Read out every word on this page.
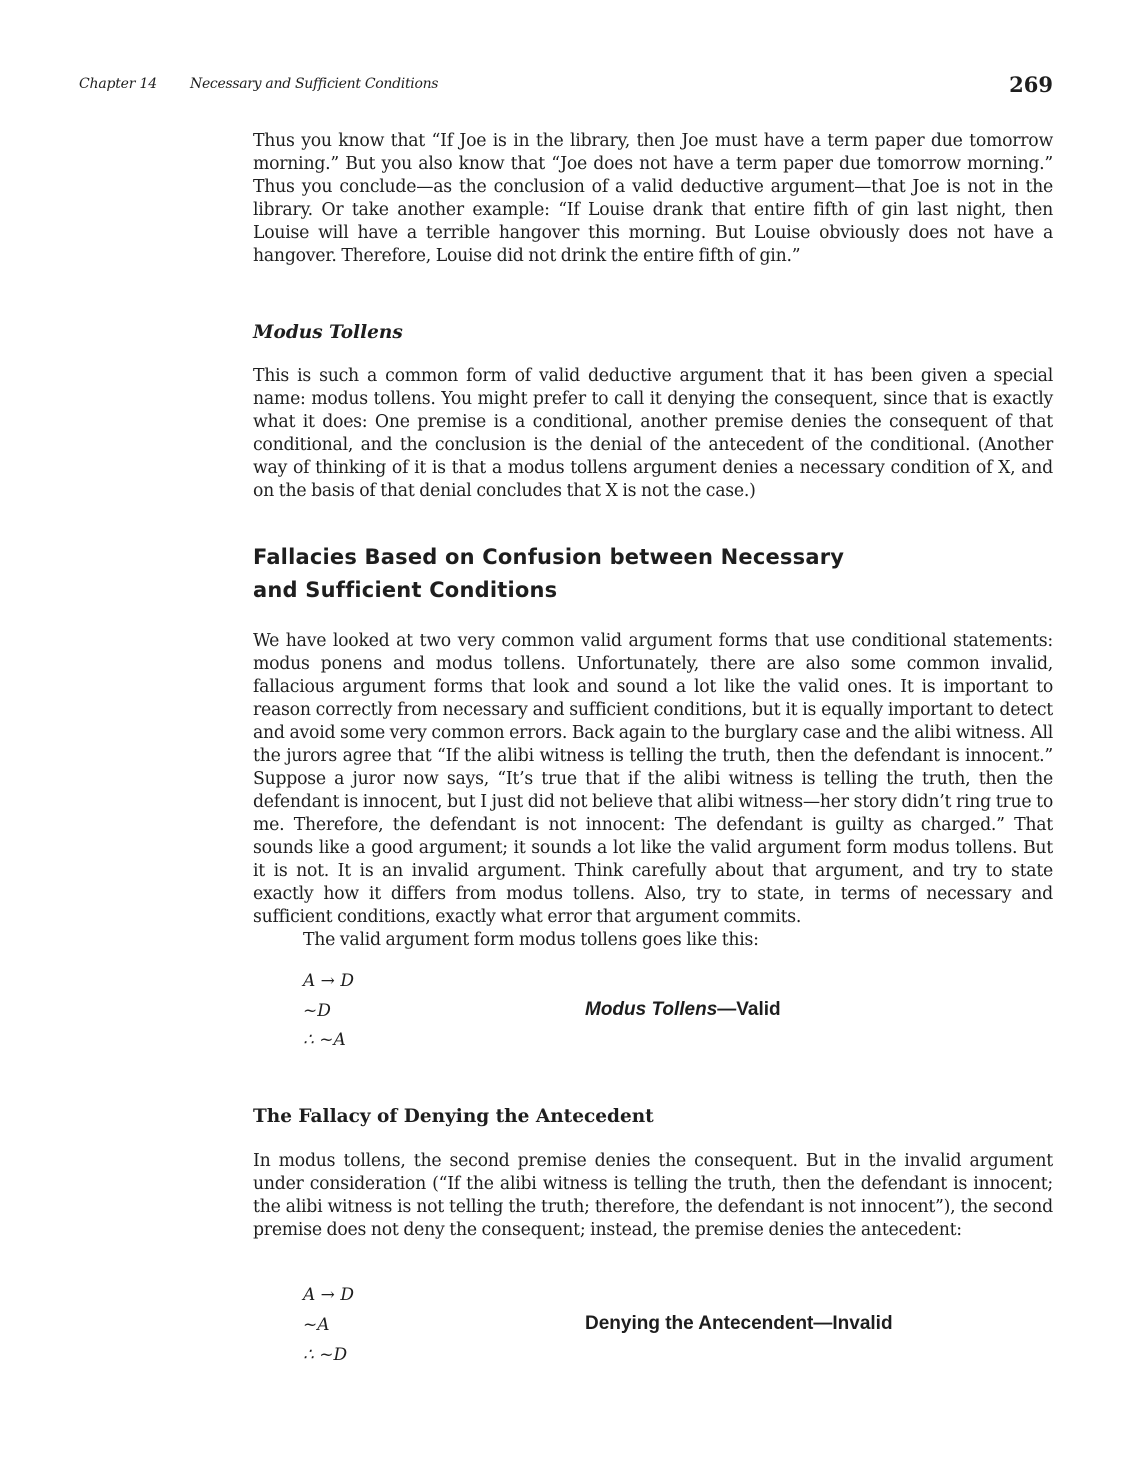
Chapter 14 Necessary and Sufficient Conditions	269

Thus you know that “If Joe is in the library, then Joe must have a term paper due tomorrow morning.” But you also know that “Joe does not have a term paper due tomorrow morning.” Thus you conclude—as the conclusion of a valid deductive argument—that Joe is not in the library. Or take another example: “If Louise drank that entire fifth of gin last night, then Louise will have a terrible hangover this morning. But Louise obviously does not have a hangover. Therefore, Louise did not drink the entire fifth of gin.”

Modus Tollens

This is such a common form of valid deductive argument that it has been given a special name: modus tollens. You might prefer to call it denying the consequent, since that is exactly what it does: One premise is a conditional, another premise denies the consequent of that conditional, and the conclusion is the denial of the antecedent of the conditional. (Another way of thinking of it is that a modus tollens argument denies a necessary condition of X, and on the basis of that denial concludes that X is not the case.)

Fallacies Based on Confusion between Necessary
and Sufficient Conditions

We have looked at two very common valid argument forms that use conditional statements: modus ponens and modus tollens. Unfortunately, there are also some common invalid, fallacious argument forms that look and sound a lot like the valid ones. It is important to reason correctly from necessary and sufficient conditions, but it is equally important to detect and avoid some very common errors. Back again to the burglary case and the alibi witness. All the jurors agree that “If the alibi witness is telling the truth, then the defendant is innocent.” Suppose a juror now says, “It’s true that if the alibi witness is telling the truth, then the defendant is innocent, but I just did not believe that alibi witness—her story didn’t ring true to me. Therefore, the defendant is not innocent: The defendant is guilty as charged.” That sounds like a good argument; it sounds a lot like the valid argument form modus tollens. But it is not. It is an invalid argument. Think carefully about that argument, and try to state exactly how it differs from modus tollens. Also, try to state, in terms of necessary and sufficient conditions, exactly what error that argument commits.

The valid argument form modus tollens goes like this:

A → D
~D
∴ ~A
Modus Tollens—Valid
The Fallacy of Denying the Antecedent

In modus tollens, the second premise denies the consequent. But in the invalid argument under consideration (“If the alibi witness is telling the truth, then the defendant is innocent; the alibi witness is not telling the truth; therefore, the defendant is not innocent”), the second premise does not deny the consequent; instead, the premise denies the antecedent:

A → D
~A
∴ ~D
Denying the Antecendent—Invalid
